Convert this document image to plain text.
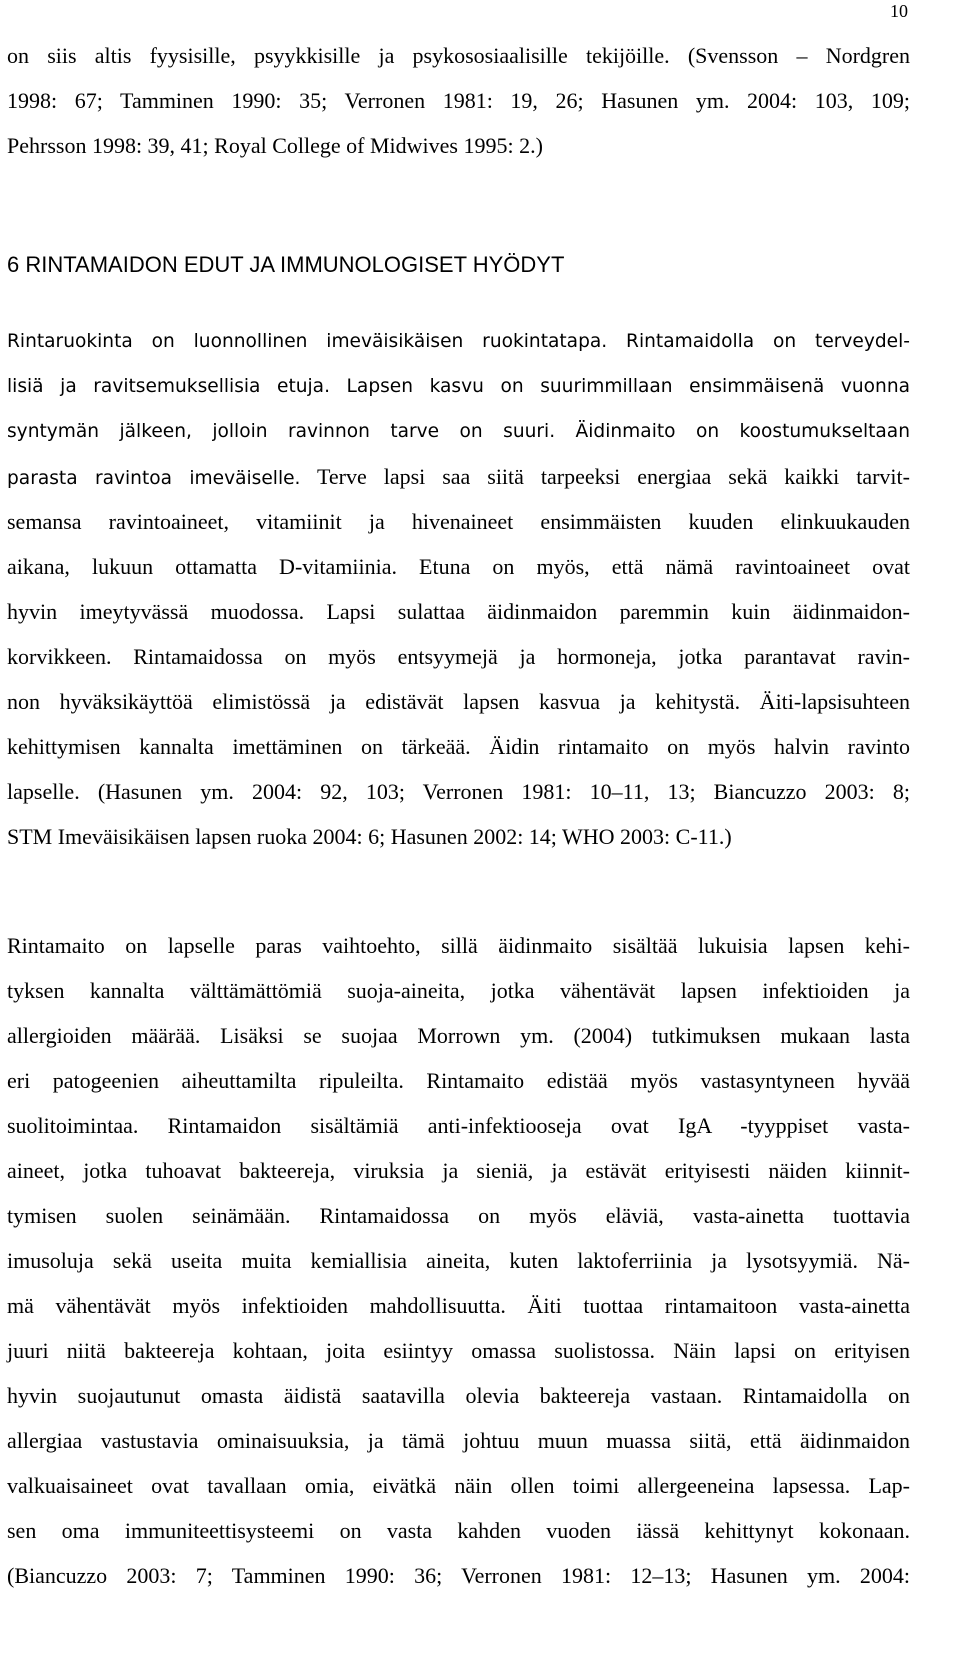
10
on siis altis fyysisille, psyykkisille ja psykososiaalisille tekijöille. (Svensson – Nordgren
1998: 67; Tamminen 1990: 35; Verronen 1981: 19, 26; Hasunen ym. 2004: 103, 109;
Pehrsson 1998: 39, 41; Royal College of Midwives 1995: 2.)
6 RINTAMAIDON EDUT JA IMMUNOLOGISET HYÖDYT
Rintaruokinta on luonnollinen imeväisikäisen ruokintatapa. Rintamaidolla on terveydel-
lisiä ja ravitsemuksellisia etuja. Lapsen kasvu on suurimmillaan ensimmäisenä vuonna
syntymän jälkeen, jolloin ravinnon tarve on suuri. Äidinmaito on koostumukseltaan
parasta ravintoa imeväiselle. Terve lapsi saa siitä tarpeeksi energiaa sekä kaikki tarvit-
semansa ravintoaineet, vitamiinit ja hivenaineet ensimmäisten kuuden elinkuukauden
aikana, lukuun ottamatta D-vitamiinia. Etuna on myös, että nämä ravintoaineet ovat
hyvin imeytyvässä muodossa. Lapsi sulattaa äidinmaidon paremmin kuin äidinmaidon-
korvikkeen. Rintamaidossa on myös entsyymejä ja hormoneja, jotka parantavat ravin-
non hyväksikäyttöä elimistössä ja edistävät lapsen kasvua ja kehitystä. Äiti-lapsisuhteen
kehittymisen kannalta imettäminen on tärkeää. Äidin rintamaito on myös halvin ravinto
lapselle. (Hasunen ym. 2004: 92, 103; Verronen 1981: 10–11, 13; Biancuzzo 2003: 8;
STM Imeväisikäisen lapsen ruoka 2004: 6; Hasunen 2002: 14; WHO 2003: C-11.)
Rintamaito on lapselle paras vaihtoehto, sillä äidinmaito sisältää lukuisia lapsen kehi-
tyksen kannalta välttämättömiä suoja-aineita, jotka vähentävät lapsen infektioiden ja
allergioiden määrää. Lisäksi se suojaa Morrown ym. (2004) tutkimuksen mukaan lasta
eri patogeenien aiheuttamilta ripuleilta. Rintamaito edistää myös vastasyntyneen hyvää
suolitoimintaa. Rintamaidon sisältämiä anti-infektiooseja ovat IgA -tyyppiset vasta-
aineet, jotka tuhoavat bakteereja, viruksia ja sieniä, ja estävät erityisesti näiden kiinnit-
tymisen suolen seinämään. Rintamaidossa on myös eläviä, vasta-ainetta tuottavia
imusoluja sekä useita muita kemiallisia aineita, kuten laktoferriinia ja lysotsyymiä. Nä-
mä vähentävät myös infektioiden mahdollisuutta. Äiti tuottaa rintamaitoon vasta-ainetta
juuri niitä bakteereja kohtaan, joita esiintyy omassa suolistossa. Näin lapsi on erityisen
hyvin suojautunut omasta äidistä saatavilla olevia bakteereja vastaan. Rintamaidolla on
allergiaa vastustavia ominaisuuksia, ja tämä johtuu muun muassa siitä, että äidinmaidon
valkuaisaineet ovat tavallaan omia, eivätkä näin ollen toimi allergeeneina lapsessa. Lap-
sen oma immuniteettisysteemi on vasta kahden vuoden iässä kehittynyt kokonaan.
(Biancuzzo 2003: 7; Tamminen 1990: 36; Verronen 1981: 12–13; Hasunen ym. 2004:
